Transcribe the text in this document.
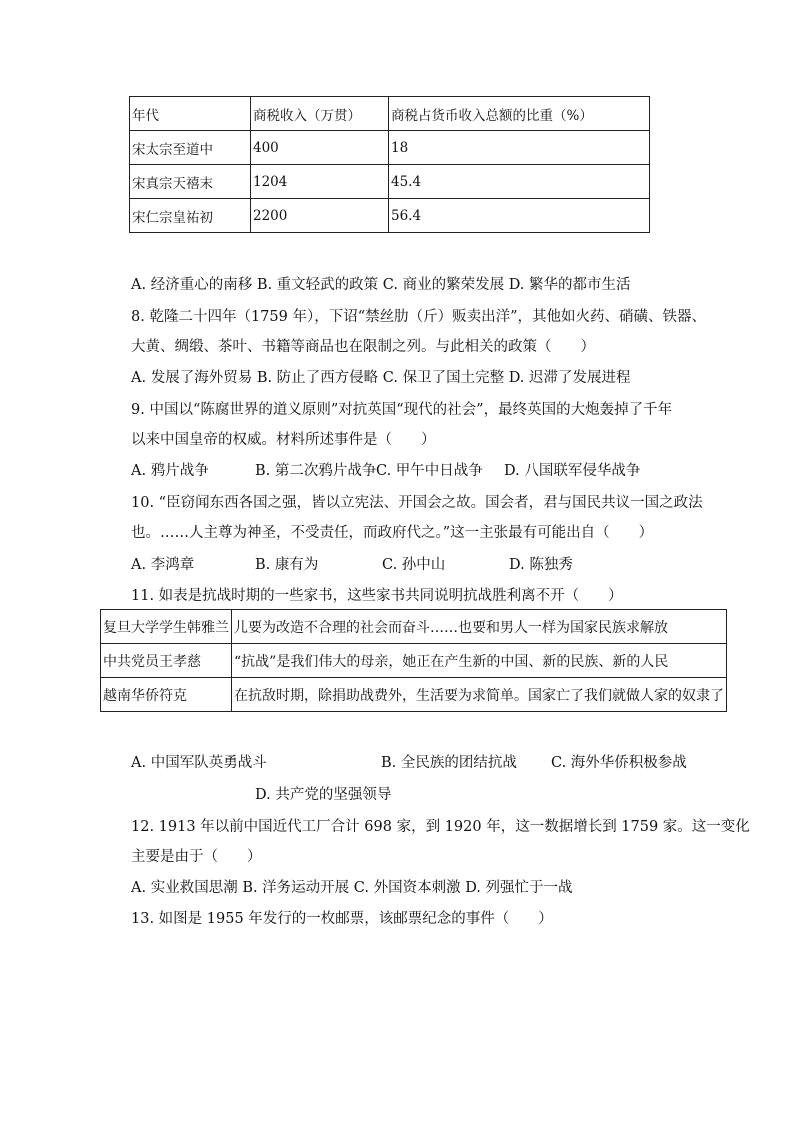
年代	商税收入（万贯）	商税占货币收入总额的比重（%）
宋太宗至道中	400	18
宋真宗天禧末	1204	45.4
宋仁宗皇祐初	2200	56.4
A. 经济重心的南移 B. 重文轻武的政策 C. 商业的繁荣发展 D. 繁华的都市生活
8. 乾隆二十四年（1759 年），下诏“禁丝肋（斤）贩卖出洋”，其他如火药、硝磺、铁器、
大黄、绸缎、茶叶、书籍等商品也在限制之列。与此相关的政策（　　）
A. 发展了海外贸易 B. 防止了西方侵略 C. 保卫了国土完整 D. 迟滞了发展进程
9. 中国以“陈腐世界的道义原则”对抗英国“现代的社会”，最终英国的大炮轰掉了千年
以来中国皇帝的权威。材料所述事件是（　　）
A. 鸦片战争	B. 第二次鸦片战争 C. 甲午中日战争 D. 八国联军侵华战争
10. “臣窃闻东西各国之强，皆以立宪法、开国会之故。国会者，君与国民共议一国之政法
也。……人主尊为神圣，不受责任，而政府代之。”这一主张最有可能出自（　　）
A. 李鸿章	B. 康有为	C. 孙中山	D. 陈独秀
11. 如表是抗战时期的一些家书，这些家书共同说明抗战胜利离不开（　　）
复旦大学学生韩雅兰	儿要为改造不合理的社会而奋斗……也要和男人一样为国家民族求解放
中共党员王孝慈	“抗战”是我们伟大的母亲，她正在产生新的中国、新的民族、新的人民
越南华侨符克	在抗敌时期，除捐助战费外，生活要为求简单。国家亡了我们就做人家的奴隶了
A. 中国军队英勇战斗	B. 全民族的团结抗战 C. 海外华侨积极参战
D. 共产党的坚强领导
12. 1913 年以前中国近代工厂合计 698 家，到 1920 年，这一数据增长到 1759 家。这一变化
主要是由于（　　）
A. 实业救国思潮 B. 洋务运动开展 C. 外国资本刺激 D. 列强忙于一战
13. 如图是 1955 年发行的一枚邮票，该邮票纪念的事件（　　）
